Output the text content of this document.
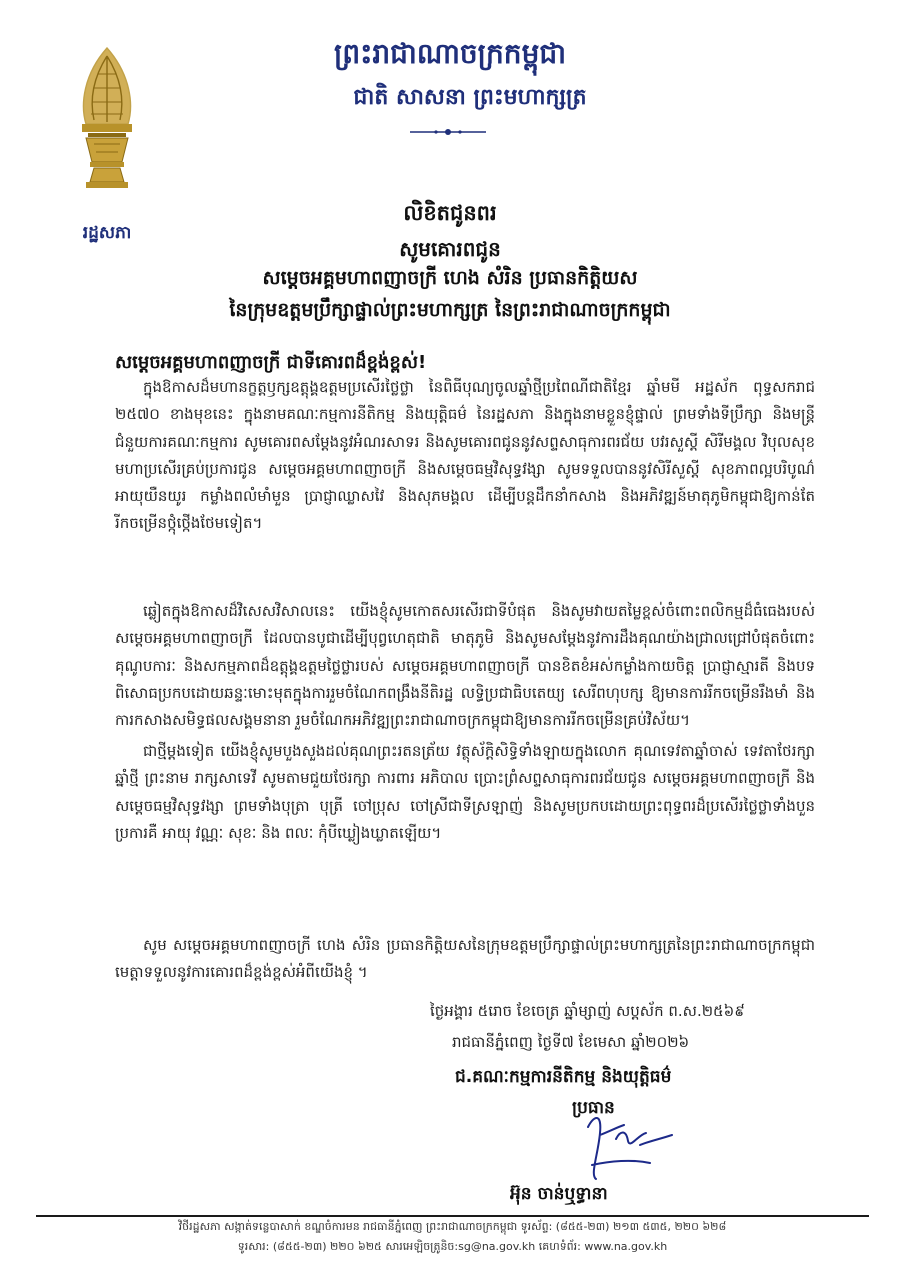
រដ្ឋសភា
ព្រះរាជាណាចក្រកម្ពុជា
ជាតិ សាសនា ព្រះមហាក្សត្រ
លិខិតជូនពរ
សូមគោរពជូន
សម្ដេចអគ្គមហាពញាចក្រី ហេង សំរិន ប្រធានកិត្តិយស
នៃក្រុមឧត្តមប្រឹក្សាផ្ទាល់ព្រះមហាក្សត្រ នៃព្រះរាជាណាចក្រកម្ពុជា
សម្ដេចអគ្គមហាពញាចក្រី ជាទីគោរពដ៏ខ្ពង់ខ្ពស់!

ក្នុងឱកាសដ៏មហានក្ខត្តឫក្សឧត្តុង្គឧត្តមប្រសើរថ្លៃថ្លា នៃពិធីបុណ្យចូលឆ្នាំថ្មីប្រពៃណីជាតិខ្មែរ ឆ្នាំមមី អដ្ឋស័ក ពុទ្ធសករាជ ២៥៧០ ខាងមុខនេះ ក្នុងនាមគណៈកម្មការនីតិកម្ម និងយុត្តិធម៌ នៃរដ្ឋសភា និងក្នុងនាមខ្លួនខ្ញុំផ្ទាល់ ព្រមទាំងទីប្រឹក្សា និងមន្ត្រីជំនួយការគណៈកម្មការ សូមគោរពសម្ដែងនូវអំណរសាទរ និងសូមគោរពជូននូវសព្ទសាធុការពរជ័យ បវរសួស្ដី សិរីមង្គល វិបុលសុខ មហាប្រសើរគ្រប់ប្រការជូន សម្ដេចអគ្គមហាពញាចក្រី និងសម្ដេចធម្មវិសុទ្ធវង្សា សូមទទួលបាននូវសិរីសួស្ដី សុខភាពល្អបរិបូណ៌ អាយុយឺនយូរ កម្លាំងពលំមាំមួន ប្រាជ្ញាឈ្លាសវៃ និងសុភមង្គល ដើម្បីបន្តដឹកនាំកសាង និងអភិវឌ្ឍន៍មាតុភូមិកម្ពុជាឱ្យកាន់តែរីកចម្រើនថ្កុំថ្កើងថែមទៀត។

ឆ្លៀតក្នុងឱកាសដ៏វិសេសវិសាលនេះ យើងខ្ញុំសូមកោតសរសើរជាទីបំផុត និងសូមវាយតម្លៃខ្ពស់ចំពោះពលិកម្មដ៏ធំធេងរបស់ សម្ដេចអគ្គមហាពញាចក្រី ដែលបានបូជាដើម្បីបុព្វហេតុជាតិ មាតុភូមិ និងសូមសម្ដែងនូវការដឹងគុណយ៉ាងជ្រាលជ្រៅបំផុតចំពោះគុណូបការៈ និងសកម្មភាពដ៏ឧត្ដុង្គឧត្ដមថ្លៃថ្លារបស់ សម្ដេចអគ្គមហាពញាចក្រី បានខិតខំអស់កម្លាំងកាយចិត្ត ប្រាជ្ញាស្មារតី និងបទពិសោធប្រកបដោយឆន្ទៈមោះមុតក្នុងការរួមចំណែកពង្រឹងនីតិរដ្ឋ លទ្ធិប្រជាធិបតេយ្យ សេរីពហុបក្ស ឱ្យមានការរីកចម្រើនរឹងមាំ និងការកសាងសមិទ្ធផលសង្គមនានា រួមចំណែកអភិវឌ្ឍព្រះរាជាណាចក្រកម្ពុជាឱ្យមានការរីកចម្រើនគ្រប់វិស័យ។

ជាថ្មីម្ដងទៀត យើងខ្ញុំសូមបួងសួងដល់គុណព្រះរតនត្រ័យ វត្ថុស័ក្ដិសិទ្ធិទាំងឡាយក្នុងលោក គុណទេវតាឆ្នាំចាស់ ទេវតាថែរក្សាឆ្នាំថ្មី ព្រះនាម រាក្សសាទេវី សូមតាមជួយថែរក្សា ការពារ អភិបាល ប្រោះព្រំសព្ទសាធុការពរជ័យជូន សម្ដេចអគ្គមហាពញាចក្រី និងសម្ដេចធម្មវិសុទ្ធវង្សា ព្រមទាំងបុត្រា បុត្រី ចៅប្រុស ចៅស្រីជាទីស្រឡាញ់ និងសូមប្រកបដោយព្រះពុទ្ធពរដ៏ប្រសើរថ្លៃថ្លាទាំងបួនប្រការគឺ អាយុ វណ្ណៈ សុខៈ និង ពលៈ កុំបីឃ្លៀងឃ្លាតឡើយ។

សូម សម្ដេចអគ្គមហាពញាចក្រី ហេង សំរិន ប្រធានកិត្តិយសនៃក្រុមឧត្តមប្រឹក្សាផ្ទាល់ព្រះមហាក្សត្រនៃព្រះរាជាណាចក្រកម្ពុជា មេត្តាទទួលនូវការគោរពដ៏ខ្ពង់ខ្ពស់អំពីយើងខ្ញុំ ។

ថ្ងៃអង្គារ ៥រោច ខែចេត្រ ឆ្នាំម្សាញ់ សប្តស័ក ព.ស.២៥៦៩
រាជធានីភ្នំពេញ ថ្ងៃទី៧ ខែមេសា ឆ្នាំ២០២៦
ជ.គណៈកម្មការនីតិកម្ម និងយុត្តិធម៌
ប្រធាន
អ៊ុន ចាន់ឬទ្ធានា
វិថីរដ្ឋសភា សង្កាត់ទន្លេបាសាក់ ខណ្ឌចំការមន រាជធានីភ្នំពេញ ព្រះរាជាណាចក្រកម្ពុជា ទូរស័ព្ទ: (៨៥៥-២៣) ២១៣ ៥៣៥, ២២០ ៦២៨
ទូរសារ: (៨៥៥-២៣) ២២០ ៦២៥ សារអេឡិចត្រូនិច:sg@na.gov.kh គេហទំព័រ: www.na.gov.kh
